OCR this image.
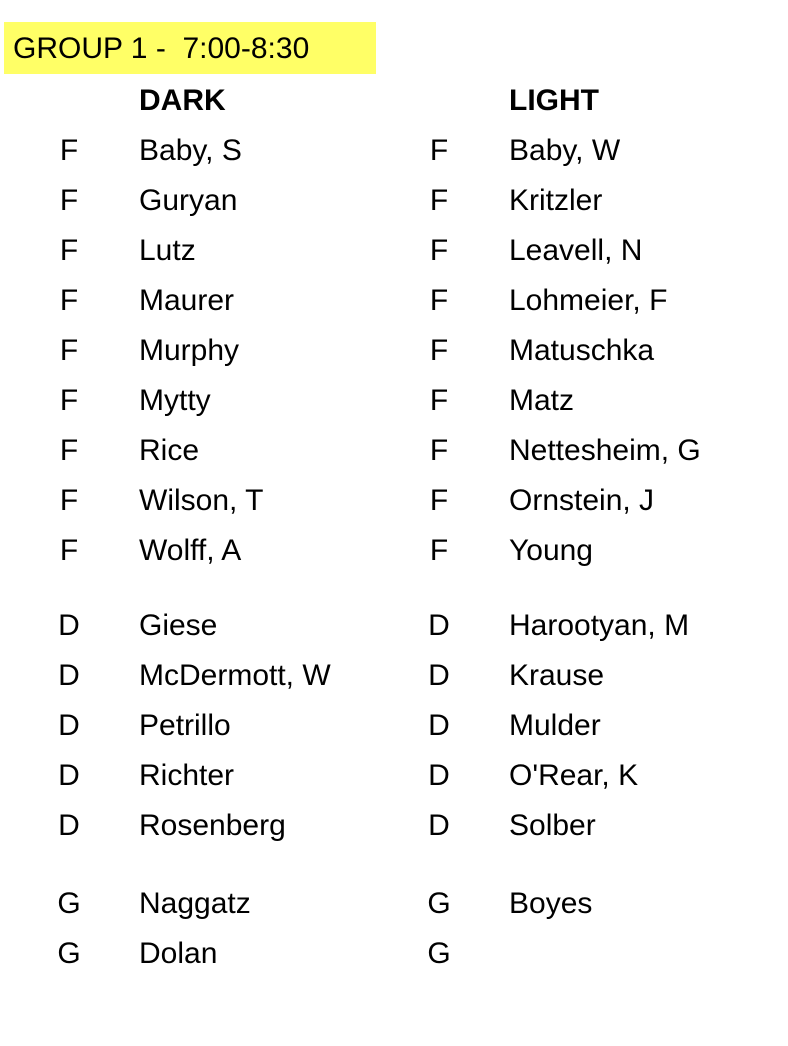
GROUP 1 -  7:00-8:30
DARK	LIGHT
F Baby, S	F Baby, W
F Guryan	F Kritzler
F Lutz	F Leavell, N
F Maurer	F Lohmeier, F
F Murphy	F Matuschka
F Mytty	F Matz
F Rice	F Nettesheim, G
F Wilson, T	F Ornstein, J
F Wolff, A	F Young
D Giese	D Harootyan, M
D McDermott, W	D Krause
D Petrillo	D Mulder
D Richter	D O'Rear, K
D Rosenberg	D Solber
G Naggatz	G Boyes
G Dolan	G
